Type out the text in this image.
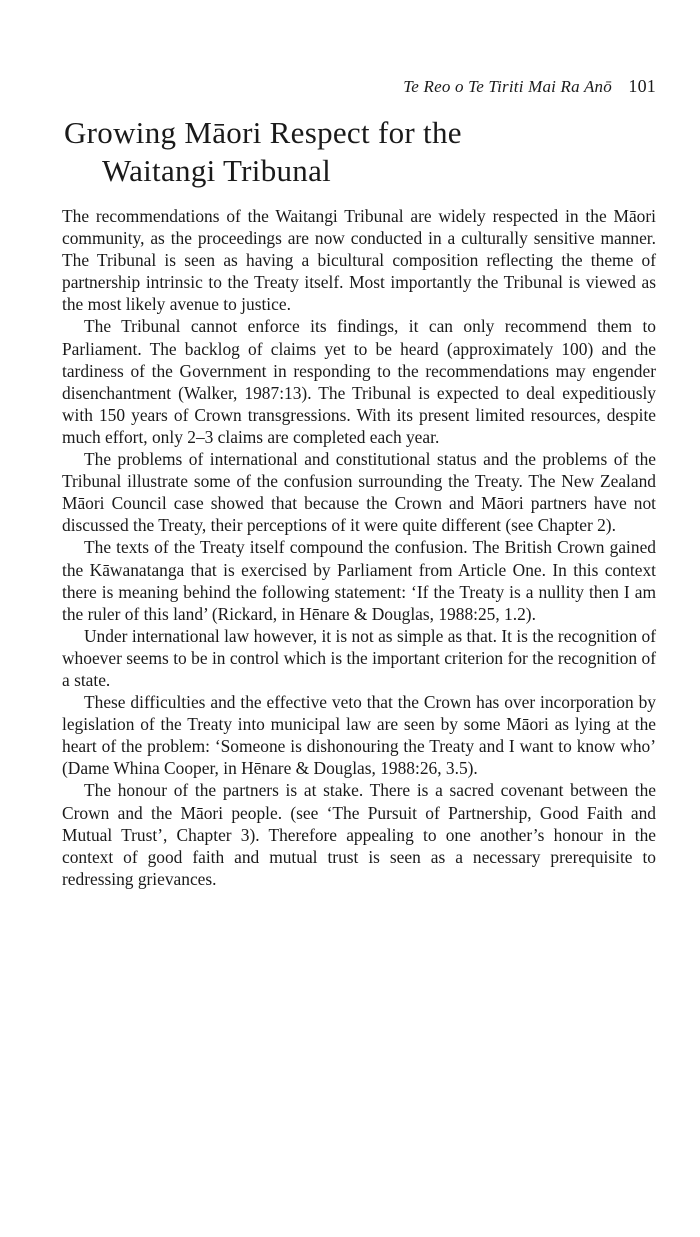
Te Reo o Te Tiriti Mai Ra Anō 101
Growing Māori Respect for the
Waitangi Tribunal

The recommendations of the Waitangi Tribunal are widely respected in the Māori community, as the proceedings are now conducted in a culturally sensitive manner. The Tribunal is seen as having a bicultural composition reflecting the theme of partnership intrinsic to the Treaty itself. Most importantly the Tribunal is viewed as the most likely avenue to justice.

The Tribunal cannot enforce its findings, it can only recommend them to Parliament. The backlog of claims yet to be heard (approximately 100) and the tardiness of the Government in responding to the recommendations may engender disenchantment (Walker, 1987:13). The Tribunal is expected to deal expeditiously with 150 years of Crown transgressions. With its present limited resources, despite much effort, only 2–3 claims are completed each year.

The problems of international and constitutional status and the problems of the Tribunal illustrate some of the confusion surrounding the Treaty. The New Zealand Māori Council case showed that because the Crown and Māori partners have not discussed the Treaty, their perceptions of it were quite different (see Chapter 2).

The texts of the Treaty itself compound the confusion. The British Crown gained the Kāwanatanga that is exercised by Parliament from Article One. In this context there is meaning behind the following statement: ‘If the Treaty is a nullity then I am the ruler of this land’ (Rickard, in Hēnare & Douglas, 1988:25, 1.2).

Under international law however, it is not as simple as that. It is the recognition of whoever seems to be in control which is the important criterion for the recognition of a state.

These difficulties and the effective veto that the Crown has over incorporation by legislation of the Treaty into municipal law are seen by some Māori as lying at the heart of the problem: ‘Someone is dishonouring the Treaty and I want to know who’ (Dame Whina Cooper, in Hēnare & Douglas, 1988:26, 3.5).

The honour of the partners is at stake. There is a sacred covenant between the Crown and the Māori people. (see ‘The Pursuit of Partnership, Good Faith and Mutual Trust’, Chapter 3). Therefore appealing to one another’s honour in the context of good faith and mutual trust is seen as a necessary prerequisite to redressing grievances.
